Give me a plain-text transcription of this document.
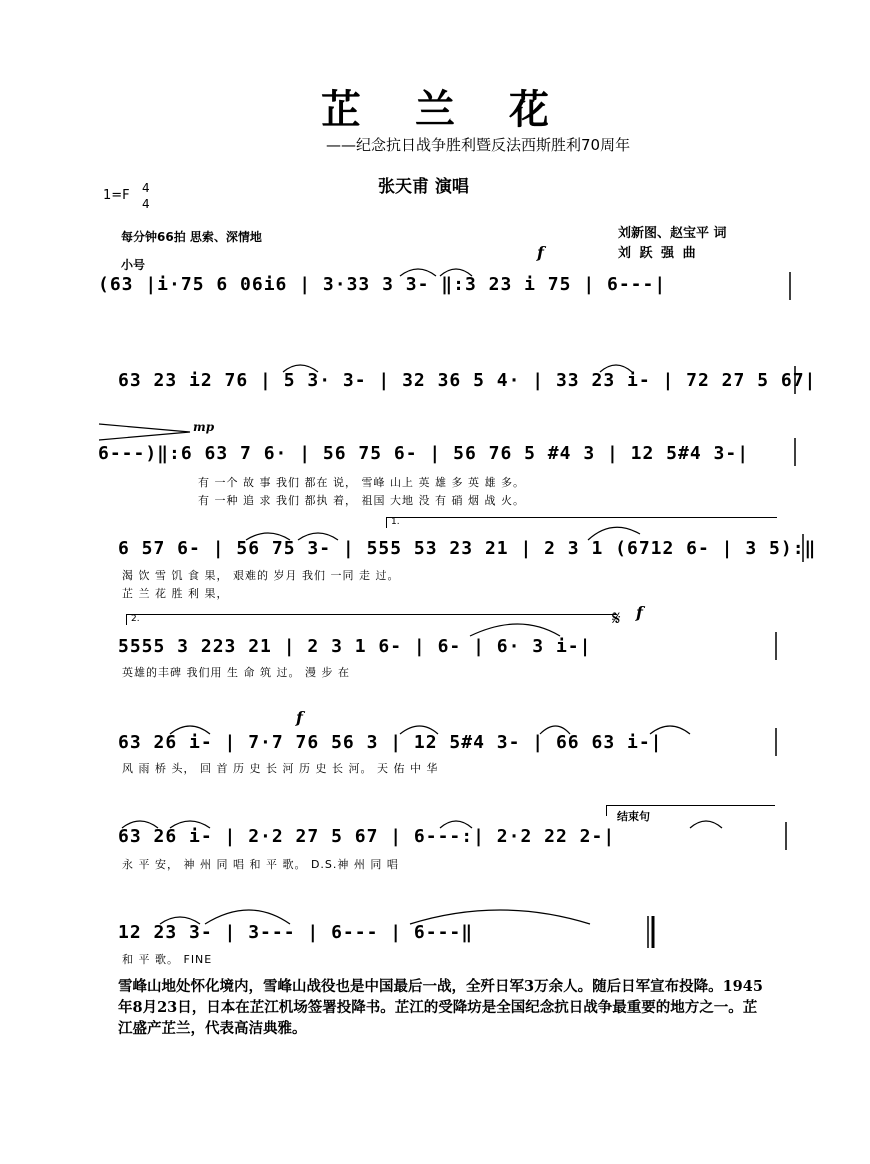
芷兰花
——纪念抗日战争胜利暨反法西斯胜利70周年
张天甫 演唱
1=F 4
4
每分钟66拍 思索、深情地	刘新图、赵宝平 词
刘 跃 强 曲
小号
(63 |i·75 6 06i6 | 3·33 3 3- ‖:3 23 i 75 | 6---|
63 23 i2 76 | 5 3· 3- | 32 36 5 4· | 33 23 i- | 72 27 5 67|
6---)‖:6 63 7 6· | 56 75 6- | 56 76 5 #4 3 | 12 5#4 3-|
有 一个 故 事 我们 都在 说， 雪峰 山上 英 雄 多 英 雄 多。
有 一种 追 求 我们 都执 着， 祖国 大地 没 有 硝 烟 战 火。
6 57 6- | 56 75 3- | 555 53 23 21 | 2 3 1 (6712 6- | 3 5):‖
渴 饮 雪 饥 食 果， 艰难的 岁月 我们 一同 走 过。
芷 兰 花 胜 利 果，
5555 3 223 21 | 2 3 1 6- | 6- | 6· 3 i-|
英雄的丰碑 我们用 生 命 筑 过。 漫 步 在
63 26 i- | 7·7 76 56 3 | 12 5#4 3- | 66 63 i-|
风 雨 桥 头， 回 首 历 史 长 河 历 史 长 河。 天 佑 中 华
63 26 i- | 2·2 27 5 67 | 6---:| 2·2 22 2-|
永 平 安， 神 州 同 唱 和 平 歌。 D.S.神 州 同 唱
12 23 3- | 3--- | 6--- | 6---‖
和 平 歌。 FINE
1.
2.
结束句
f
mp
f
f
𝄋
雪峰山地处怀化境内，雪峰山战役也是中国最后一战，全歼日军3万余人。随后日军宣布投降。1945年8月23日，日本在芷江机场签署投降书。芷江的受降坊是全国纪念抗日战争最重要的地方之一。芷江盛产芷兰，代表高洁典雅。
